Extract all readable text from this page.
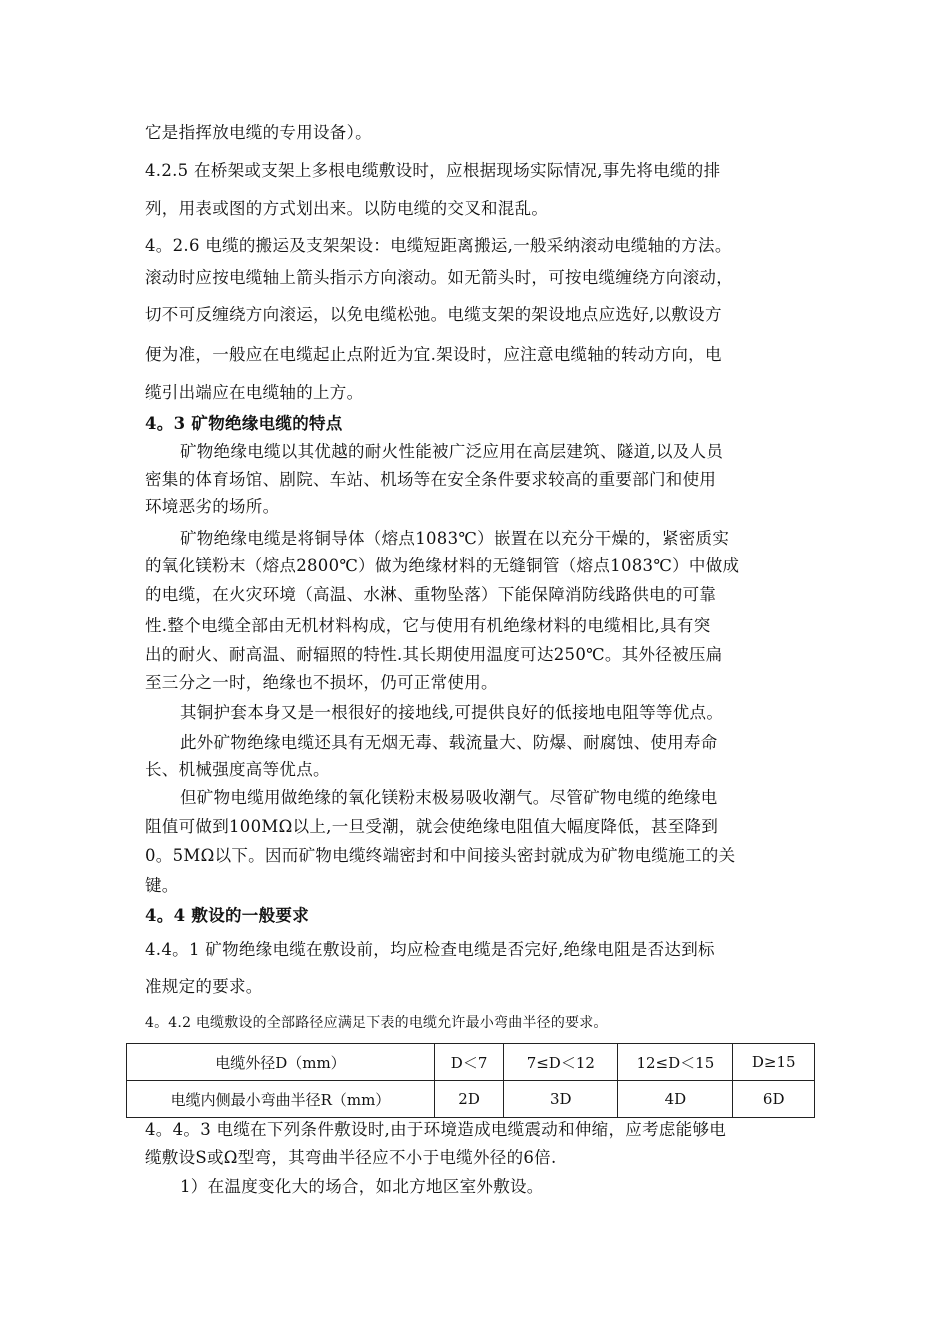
它是指挥放电缆的专用设备）。
4.2.5 在桥架或支架上多根电缆敷设时，应根据现场实际情况,事先将电缆的排
列，用表或图的方式划出来。以防电缆的交叉和混乱。
4。2.6 电缆的搬运及支架架设：电缆短距离搬运,一般采纳滚动电缆轴的方法。
滚动时应按电缆轴上箭头指示方向滚动。如无箭头时，可按电缆缠绕方向滚动，
切不可反缠绕方向滚运，以免电缆松弛。电缆支架的架设地点应选好,以敷设方
便为准，一般应在电缆起止点附近为宜.架设时，应注意电缆轴的转动方向，电
缆引出端应在电缆轴的上方。
4。3 矿物绝缘电缆的特点
矿物绝缘电缆以其优越的耐火性能被广泛应用在高层建筑、隧道,以及人员
密集的体育场馆、剧院、车站、机场等在安全条件要求较高的重要部门和使用
环境恶劣的场所。
矿物绝缘电缆是将铜导体（熔点1083℃）嵌置在以充分干燥的，紧密质实
的氧化镁粉末（熔点2800℃）做为绝缘材料的无缝铜管（熔点1083℃）中做成
的电缆，在火灾环境（高温、水淋、重物坠落）下能保障消防线路供电的可靠
性.整个电缆全部由无机材料构成，它与使用有机绝缘材料的电缆相比,具有突
出的耐火、耐高温、耐辐照的特性.其长期使用温度可达250℃。其外径被压扁
至三分之一时，绝缘也不损坏，仍可正常使用。
其铜护套本身又是一根很好的接地线,可提供良好的低接地电阻等等优点。
此外矿物绝缘电缆还具有无烟无毒、载流量大、防爆、耐腐蚀、使用寿命
长、机械强度高等优点。
但矿物电缆用做绝缘的氧化镁粉末极易吸收潮气。尽管矿物电缆的绝缘电
阻值可做到100MΩ以上,一旦受潮，就会使绝缘电阻值大幅度降低，甚至降到
0。5MΩ以下。因而矿物电缆终端密封和中间接头密封就成为矿物电缆施工的关
键。
4。4 敷设的一般要求
4.4。1 矿物绝缘电缆在敷设前，均应检查电缆是否完好,绝缘电阻是否达到标
准规定的要求。
4。4.2 电缆敷设的全部路径应满足下表的电缆允许最小弯曲半径的要求。
电缆外径D（mm）	D＜7	7≤D＜12	12≤D＜15	D≥15
电缆内侧最小弯曲半径R（mm）	2D	3D	4D	6D
4。4。3 电缆在下列条件敷设时,由于环境造成电缆震动和伸缩，应考虑能够电
缆敷设S或Ω型弯，其弯曲半径应不小于电缆外径的6倍.
1）在温度变化大的场合，如北方地区室外敷设。
